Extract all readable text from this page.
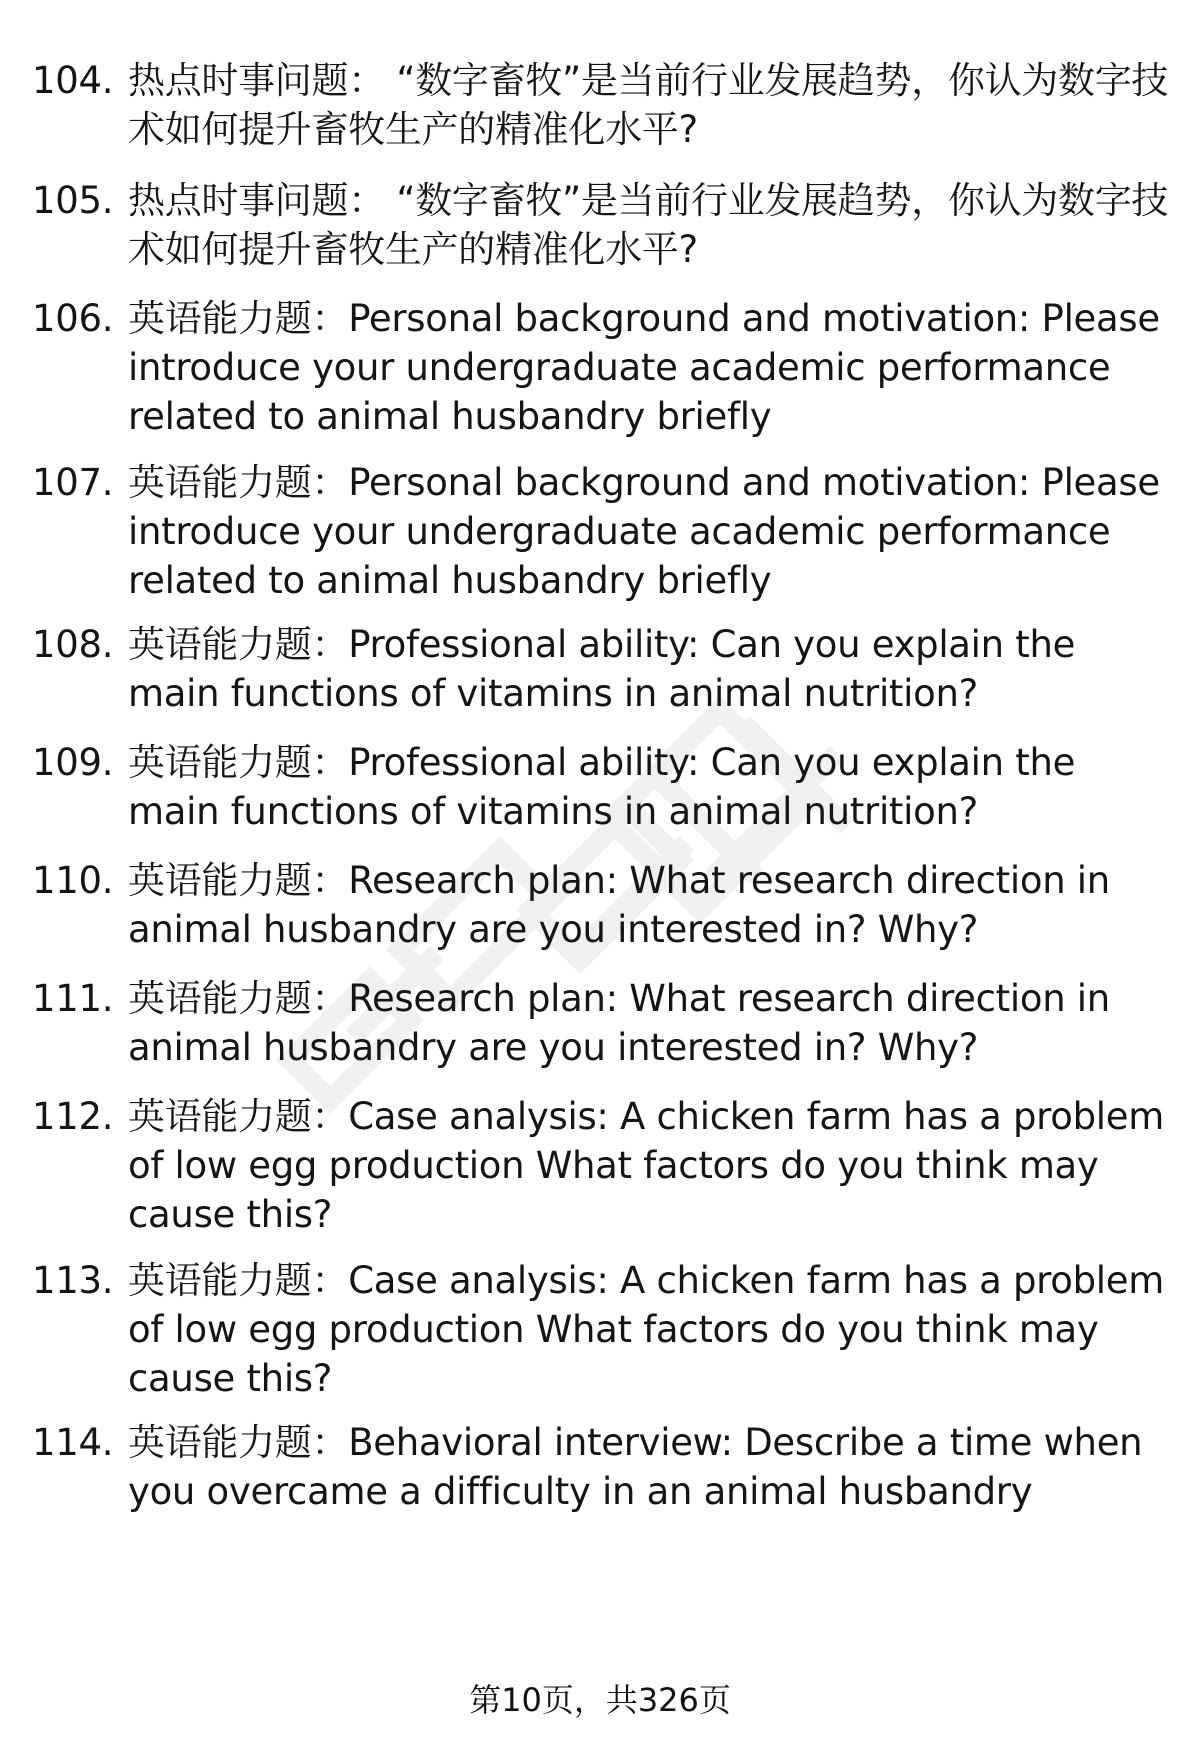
104. 热点时事问题： “数字畜牧”是当前行业发展趋势，你认为数字技术如何提升畜牧生产的精准化水平?
105. 热点时事问题： “数字畜牧”是当前行业发展趋势，你认为数字技术如何提升畜牧生产的精准化水平?
106. 英语能力题：Personal background and motivation: Please introduce your undergraduate academic performance related to animal husbandry briefly
107. 英语能力题：Personal background and motivation: Please introduce your undergraduate academic performance related to animal husbandry briefly
108. 英语能力题：Professional ability: Can you explain the main functions of vitamins in animal nutrition?
109. 英语能力题：Professional ability: Can you explain the main functions of vitamins in animal nutrition?
110. 英语能力题：Research plan: What research direction in animal husbandry are you interested in? Why?
111. 英语能力题：Research plan: What research direction in animal husbandry are you interested in? Why?
112. 英语能力题：Case analysis: A chicken farm has a problem of low egg production What factors do you think may cause this?
113. 英语能力题：Case analysis: A chicken farm has a problem of low egg production What factors do you think may cause this?
114. 英语能力题：Behavioral interview: Describe a time when you overcame a difficulty in an animal husbandry
第10页，共326页
